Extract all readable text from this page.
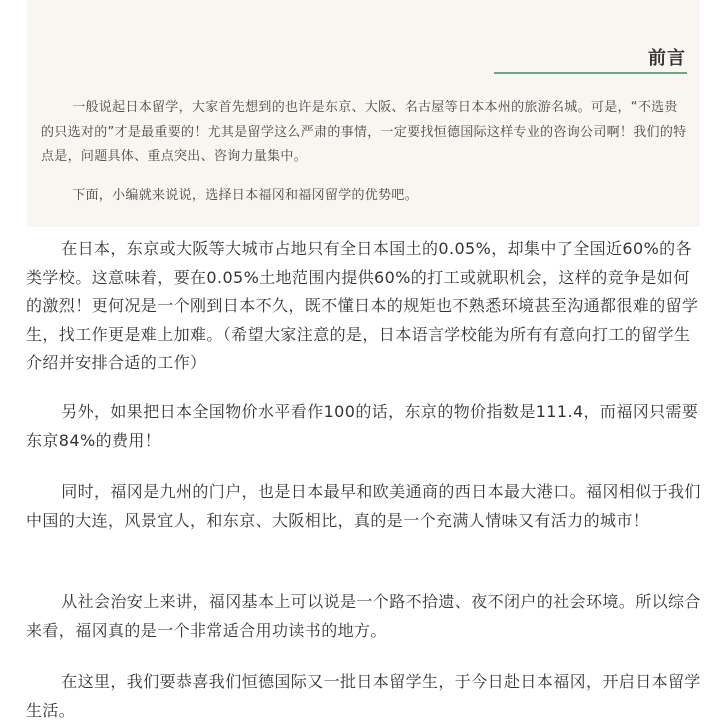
前言

一般说起日本留学，大家首先想到的也许是东京、大阪、名古屋等日本本州的旅游名城。可是，“不选贵的只选对的”才是最重要的！尤其是留学这么严肃的事情，一定要找恒德国际这样专业的咨询公司啊！我们的特点是，问题具体、重点突出、咨询力量集中。

下面，小编就来说说，选择日本福冈和福冈留学的优势吧。

在日本，东京或大阪等大城市占地只有全日本国土的0.05%，却集中了全国近60%的各类学校。这意味着，要在0.05%土地范围内提供60%的打工或就职机会，这样的竞争是如何的激烈！更何况是一个刚到日本不久，既不懂日本的规矩也不熟悉环境甚至沟通都很难的留学生，找工作更是难上加难。（希望大家注意的是，日本语言学校能为所有有意向打工的留学生介绍并安排合适的工作）

另外，如果把日本全国物价水平看作100的话，东京的物价指数是111.4，而福冈只需要东京84%的费用！

同时，福冈是九州的门户，也是日本最早和欧美通商的西日本最大港口。福冈相似于我们中国的大连，风景宜人，和东京、大阪相比，真的是一个充满人情味又有活力的城市！

从社会治安上来讲，福冈基本上可以说是一个路不拾遗、夜不闭户的社会环境。所以综合来看，福冈真的是一个非常适合用功读书的地方。

在这里，我们要恭喜我们恒德国际又一批日本留学生，于今日赴日本福冈，开启日本留学生活。
